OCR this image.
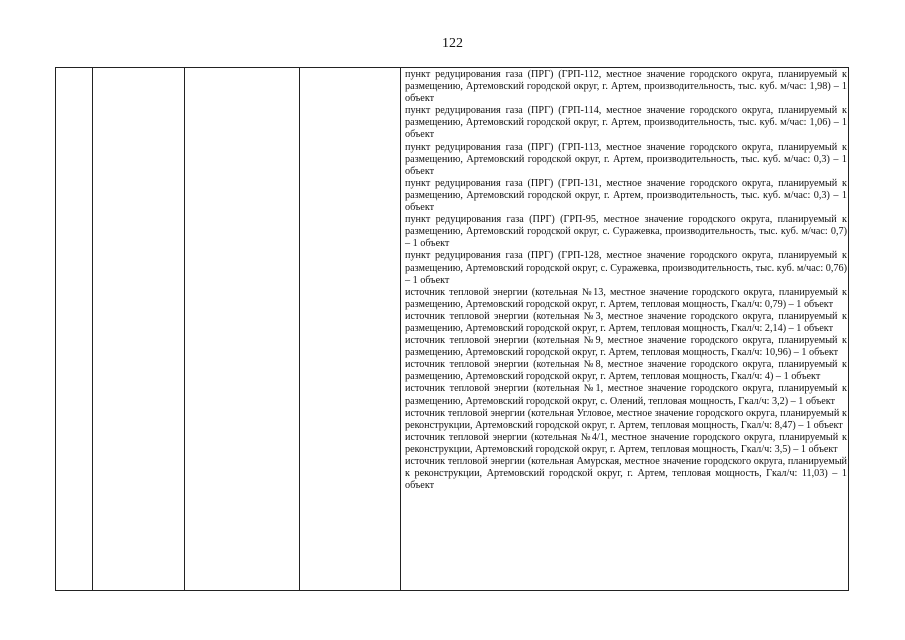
122

пункт редуцирования газа (ПРГ) (ГРП-112, местное значение городского округа, планируемый к размещению, Артемовский городской округ, г. Артем, производительность, тыс. куб. м/час: 1,98) – 1 объект

пункт редуцирования газа (ПРГ) (ГРП-114, местное значение городского округа, планируемый к размещению, Артемовский городской округ, г. Артем, производительность, тыс. куб. м/час: 1,06) – 1 объект

пункт редуцирования газа (ПРГ) (ГРП-113, местное значение городского округа, планируемый к размещению, Артемовский городской округ, г. Артем, производительность, тыс. куб. м/час: 0,3) – 1 объект

пункт редуцирования газа (ПРГ) (ГРП-131, местное значение городского округа, планируемый к размещению, Артемовский городской округ, г. Артем, производительность, тыс. куб. м/час: 0,3) – 1 объект

пункт редуцирования газа (ПРГ) (ГРП-95, местное значение городского округа, планируемый к размещению, Артемовский городской округ, с. Суражевка, производительность, тыс. куб. м/час: 0,7) – 1 объект

пункт редуцирования газа (ПРГ) (ГРП-128, местное значение городского округа, планируемый к размещению, Артемовский городской округ, с. Суражевка, производительность, тыс. куб. м/час: 0,76) – 1 объект

источник тепловой энергии (котельная №13, местное значение городского округа, планируемый к размещению, Артемовский городской округ, г. Артем, тепловая мощность, Гкал/ч: 0,79) – 1 объект

источник тепловой энергии (котельная №3, местное значение городского округа, планируемый к размещению, Артемовский городской округ, г. Артем, тепловая мощность, Гкал/ч: 2,14) – 1 объект

источник тепловой энергии (котельная №9, местное значение городского округа, планируемый к размещению, Артемовский городской округ, г. Артем, тепловая мощность, Гкал/ч: 10,96) – 1 объект

источник тепловой энергии (котельная №8, местное значение городского округа, планируемый к размещению, Артемовский городской округ, г. Артем, тепловая мощность, Гкал/ч: 4) – 1 объект

источник тепловой энергии (котельная №1, местное значение городского округа, планируемый к размещению, Артемовский городской округ, с. Олений, тепловая мощность, Гкал/ч: 3,2) – 1 объект

источник тепловой энергии (котельная Угловое, местное значение городского округа, планируемый к реконструкции, Артемовский городской округ, г. Артем, тепловая мощность, Гкал/ч: 8,47) – 1 объект

источник тепловой энергии (котельная №4/1, местное значение городского округа, планируемый к реконструкции, Артемовский городской округ, г. Артем, тепловая мощность, Гкал/ч: 3,5) – 1 объект

источник тепловой энергии (котельная Амурская, местное значение городского округа, планируемый к реконструкции, Артемовский городской округ, г. Артем, тепловая мощность, Гкал/ч: 11,03) – 1 объект
